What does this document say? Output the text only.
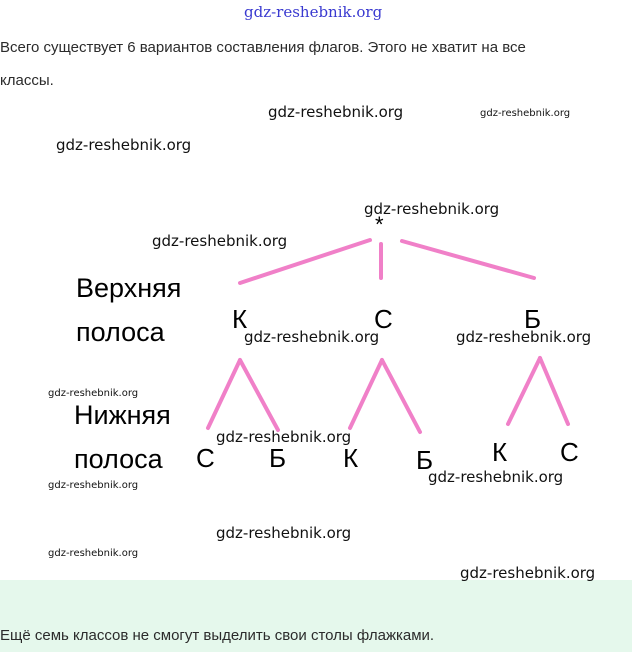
gdz-reshebnik.org
Всего существует 6 вариантов составления флагов. Этого не хватит на все
классы.
*
Верхняя
полоса
Нижняя
полоса
К	С	Б
С Б К Б К С
gdz-reshebnik.org	gdz-reshebnik.org
gdz-reshebnik.org
gdz-reshebnik.org
gdz-reshebnik.org
gdz-reshebnik.org	gdz-reshebnik.org
gdz-reshebnik.org
gdz-reshebnik.org
gdz-reshebnik.org
gdz-reshebnik.org
gdz-reshebnik.org
gdz-reshebnik.org
gdz-reshebnik.org
Ещё семь классов не смогут выделить свои столы флажками.
